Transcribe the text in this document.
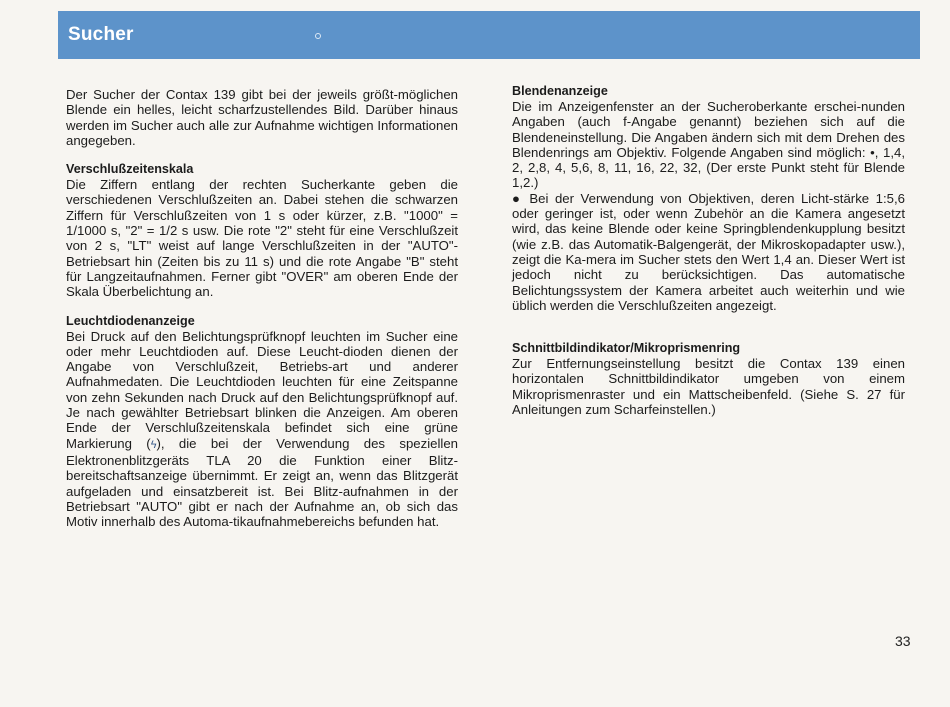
Sucher

Der Sucher der Contax 139 gibt bei der jeweils größt-möglichen Blende ein helles, leicht scharfzustellendes Bild. Darüber hinaus werden im Sucher auch alle zur Aufnahme wichtigen Informationen angegeben.

Verschlußzeitenskala

Die Ziffern entlang der rechten Sucherkante geben die verschiedenen Verschlußzeiten an. Dabei stehen die schwarzen Ziffern für Verschlußzeiten von 1 s oder kürzer, z.B. "1000" = 1/1000 s, "2" = 1/2 s usw. Die rote "2" steht für eine Verschlußzeit von 2 s, "LT" weist auf lange Verschlußzeiten in der "AUTO"-Betriebsart hin (Zeiten bis zu 11 s) und die rote Angabe "B" steht für Langzeitaufnahmen. Ferner gibt "OVER" am oberen Ende der Skala Überbelichtung an.

Leuchtdiodenanzeige

Bei Druck auf den Belichtungsprüfknopf leuchten im Sucher eine oder mehr Leuchtdioden auf. Diese Leucht-dioden dienen der Angabe von Verschlußzeit, Betriebs-art und anderer Aufnahmedaten. Die Leuchtdioden leuchten für eine Zeitspanne von zehn Sekunden nach Druck auf den Belichtungsprüfknopf auf. Je nach gewählter Betriebsart blinken die Anzeigen. Am oberen Ende der Verschlußzeitenskala befindet sich eine grüne Markierung (ϟ), die bei der Verwendung des speziellen Elektronenblitzgeräts TLA 20 die Funktion einer Blitz-bereitschaftsanzeige übernimmt. Er zeigt an, wenn das Blitzgerät aufgeladen und einsatzbereit ist. Bei Blitz-aufnahmen in der Betriebsart "AUTO" gibt er nach der Aufnahme an, ob sich das Motiv innerhalb des Automa-tikaufnahmebereichs befunden hat.

Blendenanzeige

Die im Anzeigenfenster an der Sucheroberkante erschei-nunden Angaben (auch f-Angabe genannt) beziehen sich auf die Blendeneinstellung. Die Angaben ändern sich mit dem Drehen des Blendenrings am Objektiv. Folgende Angaben sind möglich: •, 1,4, 2, 2,8, 4, 5,6, 8, 11, 16, 22, 32, (Der erste Punkt steht für Blende 1,2.)
● Bei der Verwendung von Objektiven, deren Licht-stärke 1:5,6 oder geringer ist, oder wenn Zubehör an die Kamera angesetzt wird, das keine Blende oder keine Springblendenkupplung besitzt (wie z.B. das Automatik-Balgengerät, der Mikroskopadapter usw.), zeigt die Ka-mera im Sucher stets den Wert 1,4 an. Dieser Wert ist jedoch nicht zu berücksichtigen. Das automatische Belichtungssystem der Kamera arbeitet auch weiterhin und wie üblich werden die Verschlußzeiten angezeigt.

Schnittbildindikator/Mikroprismenring

Zur Entfernungseinstellung besitzt die Contax 139 einen horizontalen Schnittbildindikator umgeben von einem Mikroprismenraster und ein Mattscheibenfeld. (Siehe S. 27 für Anleitungen zum Scharfeinstellen.)

33
